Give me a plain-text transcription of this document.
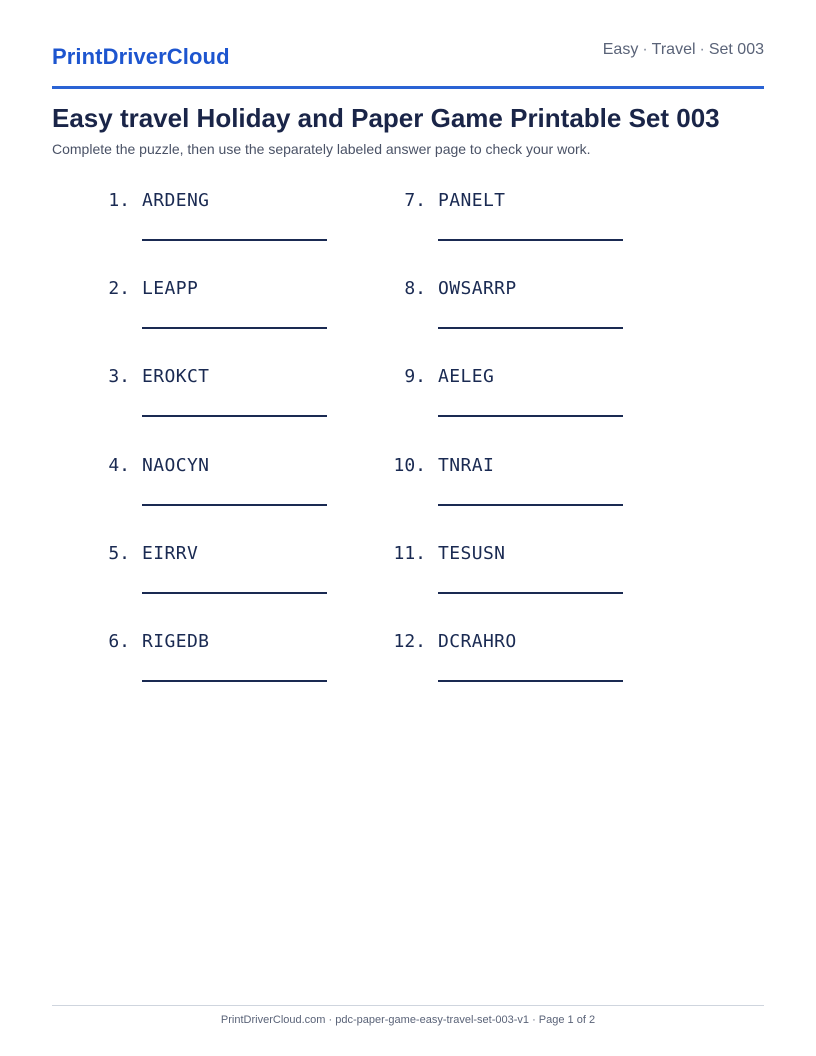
PrintDriverCloud	Easy · Travel · Set 003
Easy travel Holiday and Paper Game Printable Set 003
Complete the puzzle, then use the separately labeled answer page to check your work.
1. ARDENG
2. LEAPP
3. EROKCT
4. NAOCYN
5. EIRRV
6. RIGEDB
7. PANELT
8. OWSARRP
9. AELEG
10. TNRAI
11. TESUSN
12. DCRAHRO
PrintDriverCloud.com · pdc-paper-game-easy-travel-set-003-v1 · Page 1 of 2
